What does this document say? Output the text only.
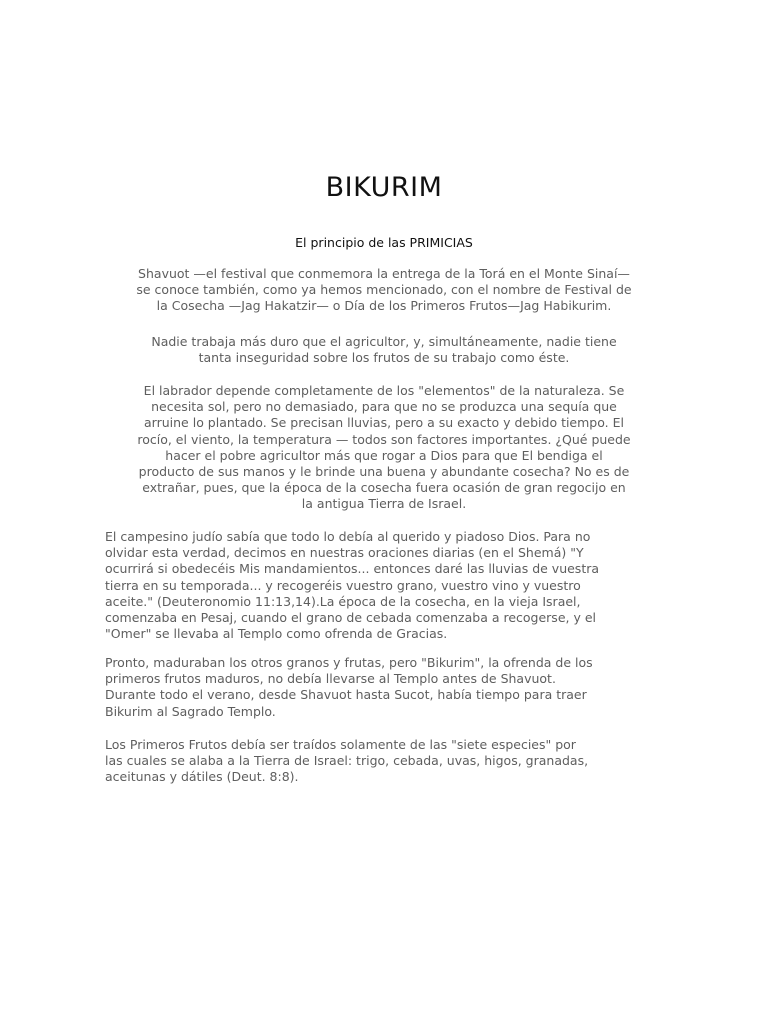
BIKURIM
El principio de las PRIMICIAS
Shavuot —el festival que conmemora la entrega de la Torá en el Monte Sinaí—
se conoce también, como ya hemos mencionado, con el nombre de Festival de
la Cosecha —Jag Hakatzir— o Día de los Primeros Frutos—Jag Habikurim.
Nadie trabaja más duro que el agricultor, y, simultáneamente, nadie tiene
tanta inseguridad sobre los frutos de su trabajo como éste.
El labrador depende completamente de los "elementos" de la naturaleza. Se
necesita sol, pero no demasiado, para que no se produzca una sequía que
arruine lo plantado. Se precisan lluvias, pero a su exacto y debido tiempo. El
rocío, el viento, la temperatura — todos son factores importantes. ¿Qué puede
hacer el pobre agricultor más que rogar a Dios para que El bendiga el
producto de sus manos y le brinde una buena y abundante cosecha? No es de
extrañar, pues, que la época de la cosecha fuera ocasión de gran regocijo en
la antigua Tierra de Israel.
El campesino judío sabía que todo lo debía al querido y piadoso Dios. Para no
olvidar esta verdad, decimos en nuestras oraciones diarias (en el Shemá) "Y
ocurrirá si obedecéis Mis mandamientos... entonces daré las lluvias de vuestra
tierra en su temporada... y recogeréis vuestro grano, vuestro vino y vuestro
aceite." (Deuteronomio 11:13,14).La época de la cosecha, en la vieja Israel,
comenzaba en Pesaj, cuando el grano de cebada comenzaba a recogerse, y el
"Omer" se llevaba al Templo como ofrenda de Gracias.
Pronto, maduraban los otros granos y frutas, pero "Bikurim", la ofrenda de los
primeros frutos maduros, no debía llevarse al Templo antes de Shavuot.
Durante todo el verano, desde Shavuot hasta Sucot, había tiempo para traer
Bikurim al Sagrado Templo.
Los Primeros Frutos debía ser traídos solamente de las "siete especies" por
las cuales se alaba a la Tierra de Israel: trigo, cebada, uvas, higos, granadas,
aceitunas y dátiles (Deut. 8:8).
